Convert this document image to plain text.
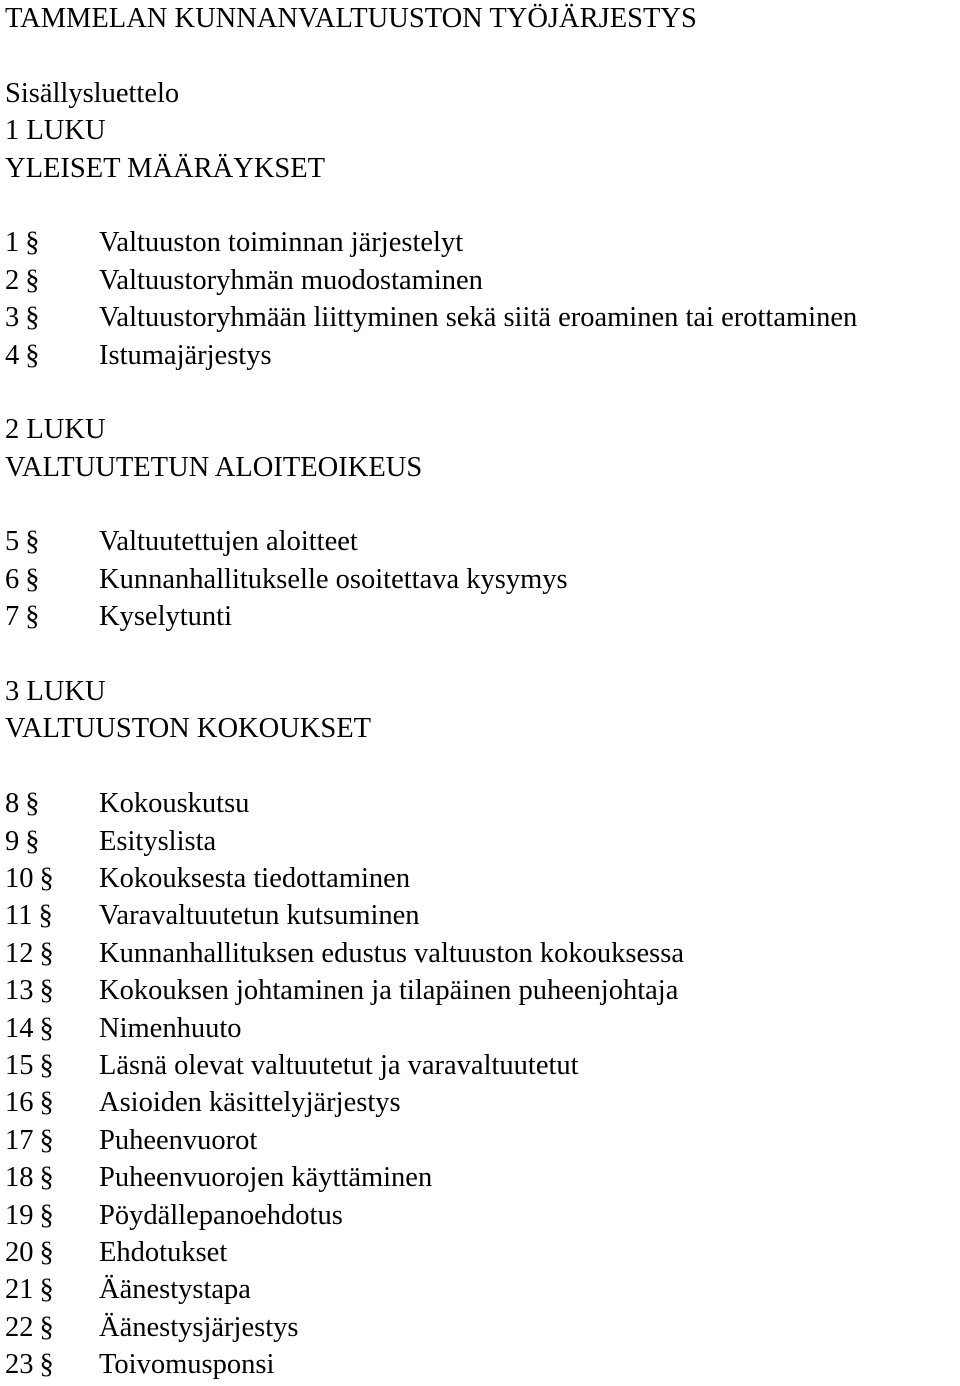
TAMMELAN KUNNANVALTUUSTON TYÖJÄRJESTYS
Sisällysluettelo
1 LUKU
YLEISET MÄÄRÄYKSET
1 § Valtuuston toiminnan järjestelyt
2 § Valtuustoryhmän muodostaminen
3 § Valtuustoryhmään liittyminen sekä siitä eroaminen tai erottaminen
4 § Istumajärjestys
2 LUKU
VALTUUTETUN ALOITEOIKEUS
5 § Valtuutettujen aloitteet
6 § Kunnanhallitukselle osoitettava kysymys
7 § Kyselytunti
3 LUKU
VALTUUSTON KOKOUKSET
8 § Kokouskutsu
9 § Esityslista
10 § Kokouksesta tiedottaminen
11 § Varavaltuutetun kutsuminen
12 § Kunnanhallituksen edustus valtuuston kokouksessa
13 § Kokouksen johtaminen ja tilapäinen puheenjohtaja
14 § Nimenhuuto
15 § Läsnä olevat valtuutetut ja varavaltuutetut
16 § Asioiden käsittelyjärjestys
17 § Puheenvuorot
18 § Puheenvuorojen käyttäminen
19 § Pöydällepanoehdotus
20 § Ehdotukset
21 § Äänestystapa
22 § Äänestysjärjestys
23 § Toivomusponsi
